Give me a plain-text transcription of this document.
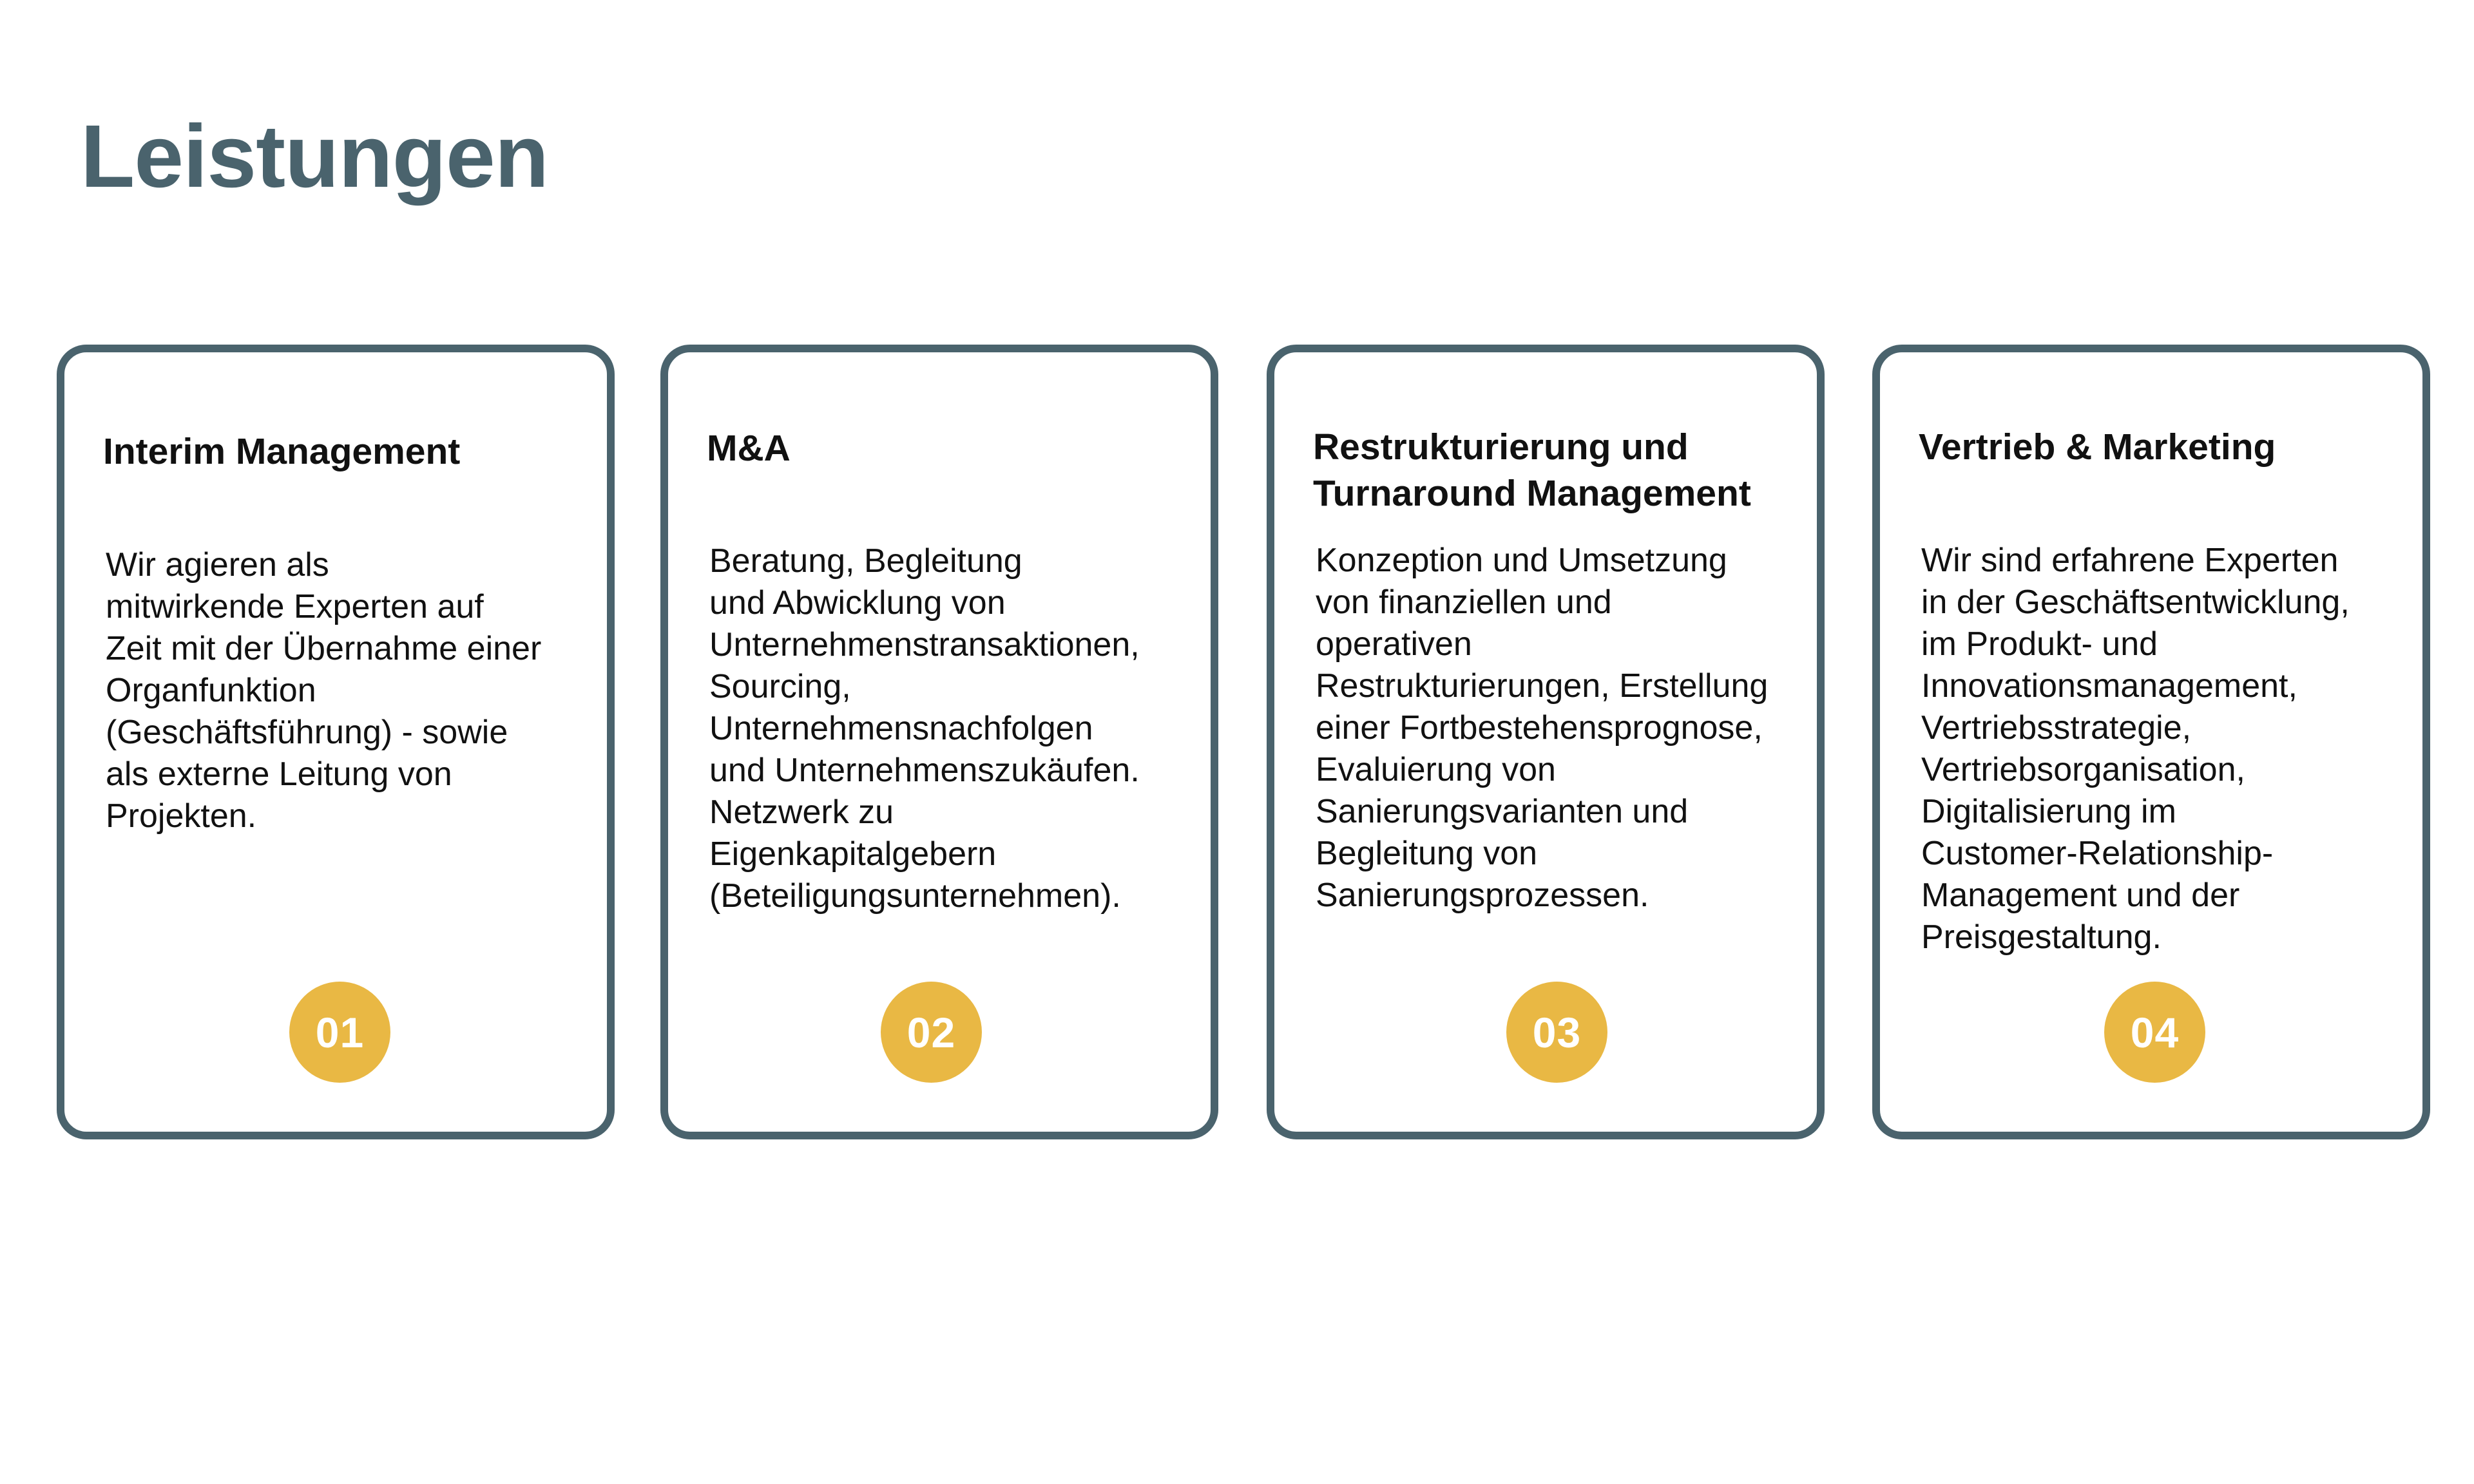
Leistungen
Interim Management

Wir agieren als
mitwirkende Experten auf
Zeit mit der Übernahme einer
Organfunktion
(Geschäftsführung) - sowie
als externe Leitung von
Projekten.

01
M&A

Beratung, Begleitung
und Abwicklung von
Unternehmenstransaktionen,
Sourcing,
Unternehmensnachfolgen
und Unternehmenszukäufen.
Netzwerk zu
Eigenkapitalgebern
(Beteiligungsunternehmen).

02
Restrukturierung und
Turnaround Management

Konzeption und Umsetzung
von finanziellen und
operativen
Restrukturierungen, Erstellung
einer Fortbestehensprognose,
Evaluierung von
Sanierungsvarianten und
Begleitung von
Sanierungsprozessen.

03
Vertrieb & Marketing

Wir sind erfahrene Experten
in der Geschäftsentwicklung,
im Produkt- und
Innovationsmanagement,
Vertriebsstrategie,
Vertriebsorganisation,
Digitalisierung im
Customer-Relationship-
Management und der
Preisgestaltung.

04
